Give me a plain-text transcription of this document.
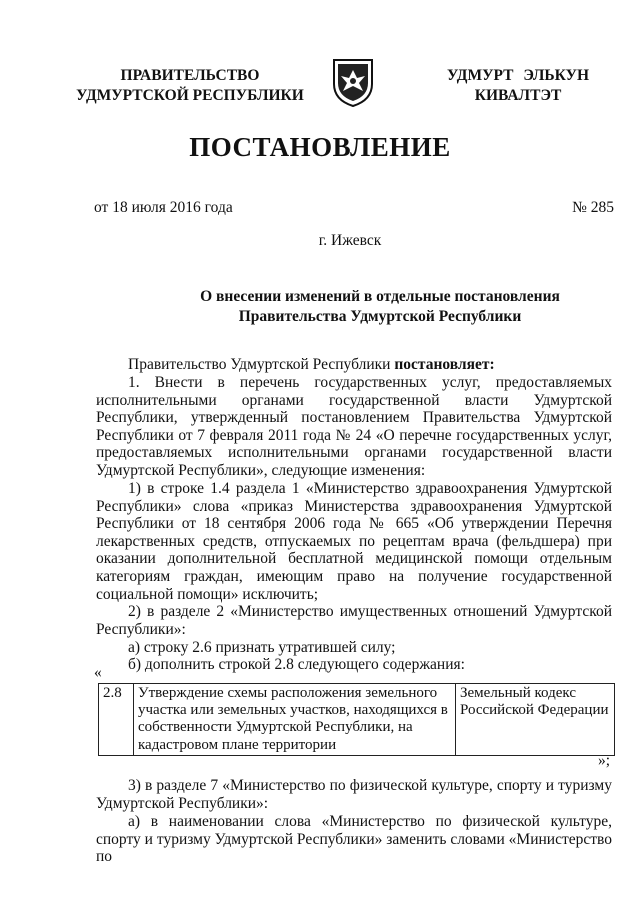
ПРАВИТЕЛЬСТВО
УДМУРТСКОЙ РЕСПУБЛИКИ
УДМУРТ ЭЛЬКУН
КИВАЛТЭТ
ПОСТАНОВЛЕНИЕ
от 18 июля 2016 года	№ 285
г. Ижевск
О внесении изменений в отдельные постановления
Правительства Удмуртской Республики
Правительство Удмуртской Республики постановляет:
1. Внести в перечень государственных услуг, предоставляемых исполнительными органами государственной власти Удмуртской Республики, утвержденный постановлением Правительства Удмуртской Республики от 7 февраля 2011 года № 24 «О перечне государственных услуг, предоставляемых исполнительными органами государственной власти Удмуртской Республики», следующие изменения:
1) в строке 1.4 раздела 1 «Министерство здравоохранения Удмуртской Республики» слова «приказ Министерства здравоохранения Удмуртской Республики от 18 сентября 2006 года № 665 «Об утверждении Перечня лекарственных средств, отпускаемых по рецептам врача (фельдшера) при оказании дополнительной бесплатной медицинской помощи отдельным категориям граждан, имеющим право на получение государственной социальной помощи» исключить;
2) в разделе 2 «Министерство имущественных отношений Удмуртской Республики»:
а) строку 2.6 признать утратившей силу;
б) дополнить строкой 2.8 следующего содержания:
«
2.8	Утверждение схемы расположения земельного участка или земельных участков, находящихся в собственности Удмуртской Республики, на кадастровом плане территории	Земельный кодекс Российской Федерации
»;
3) в разделе 7 «Министерство по физической культуре, спорту и туризму Удмуртской Республики»:
а) в наименовании слова «Министерство по физической культуре, спорту и туризму Удмуртской Республики» заменить словами «Министерство по
